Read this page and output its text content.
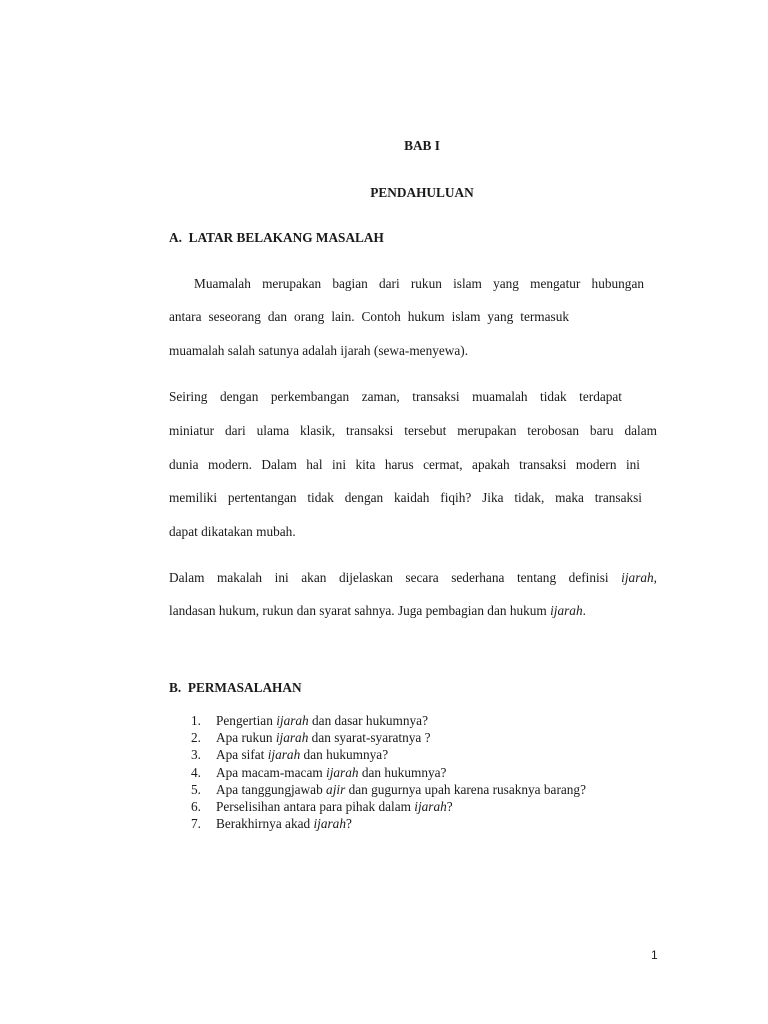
BAB I
PENDAHULUAN
A.  LATAR BELAKANG MASALAH
Muamalah merupakan bagian dari rukun islam yang mengatur hubungan
antara seseorang dan orang lain. Contoh hukum islam yang termasuk
muamalah salah satunya adalah ijarah (sewa-menyewa).
Seiring dengan perkembangan zaman, transaksi muamalah tidak terdapat
miniatur dari ulama klasik, transaksi tersebut merupakan terobosan baru dalam
dunia modern. Dalam hal ini kita harus cermat, apakah transaksi modern ini
memiliki pertentangan tidak dengan kaidah fiqih? Jika tidak, maka transaksi
dapat dikatakan mubah.
Dalam makalah ini akan dijelaskan secara sederhana tentang definisi ijarah,
landasan hukum, rukun dan syarat sahnya. Juga pembagian dan hukum ijarah.
B.  PERMASALAHAN
1. Pengertian ijarah dan dasar hukumnya?
2. Apa rukun ijarah dan syarat-syaratnya ?
3. Apa sifat ijarah dan hukumnya?
4. Apa macam-macam ijarah dan hukumnya?
5. Apa tanggungjawab ajir dan gugurnya upah karena rusaknya barang?
6. Perselisihan antara para pihak dalam ijarah?
7. Berakhirnya akad ijarah?
1
